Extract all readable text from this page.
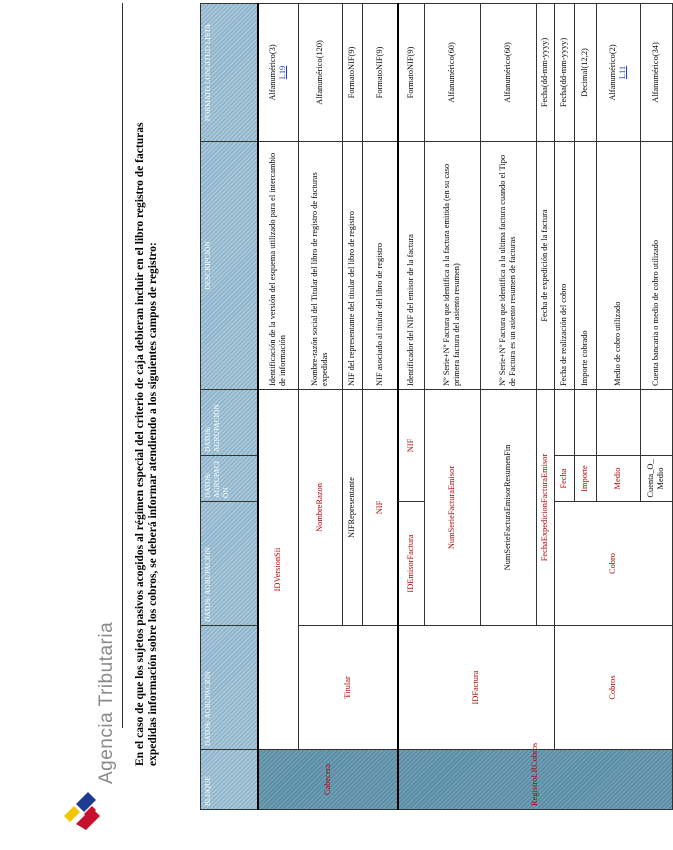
Agencia Tributaria En el caso de que los sujetos pasivos acogidos al régimen especial del criterio de caja debieran incluir en el libro registro de facturas expedidas información sobre los cobros, se deberá informar atendiendo a los siguientes campos de registro:
BLOQUE	DATOS/ AGRUPACIÓN	DATOS/ AGRUPACIÓN	DATOS/ AGRUPACI ÓN	DATOS/ AGRUPACIÓN	DESCRIPCIÓN	FORMATO LONGITUD LISTA
Cabecera	IDVersionSii				Identificación de la versión del esquema utilizado para el intercambio de información	Alfanumérico(3) L19

	Titular	NombreRazon			Nombre-razón social del Titular del libro de registro de facturas expedidas	Alfanumérico(120)
		NIFRepresentante			NIF del representante del titular del libro de registro	FormatoNIF(9)
		NIF			NIF asociado al titular del libro de registro	FormatoNIF(9)
RegistroLRCobros	IDFactura	IDEmisorFactura	NIF		Identificador del NIF del emisor de la factura	FormatoNIF(9)
		NumSerieFacturaEmisor			Nº Serie+Nº Factura que identifica a la factura emitida (en su caso primera factura del asiento resumen)	Alfanumérico(60)
		NumSerieFacturaEmisorResumenFin			Nº Serie+Nº Factura que identifica a la ultima factura cuando el Tipo de Factura es un asiento resumen de facturas	Alfanumérico(60)
		FechaExpedicionFacturaEmisor			Fecha de expedición de la factura	Fecha(dd-mm-yyyy)
	Cobros	Cobro	Fecha		Fecha de realización del cobro	Fecha(dd-mm-yyyy)
			Importe		Importe cobrado	Decimal(12,2)
			Medio		Medio de cobro utilizado	Alfanumérico(2) L11

			Cuenta_O_ Medio		Cuenta bancaria o medio de cobro utilizado	Alfanumérico(34)
